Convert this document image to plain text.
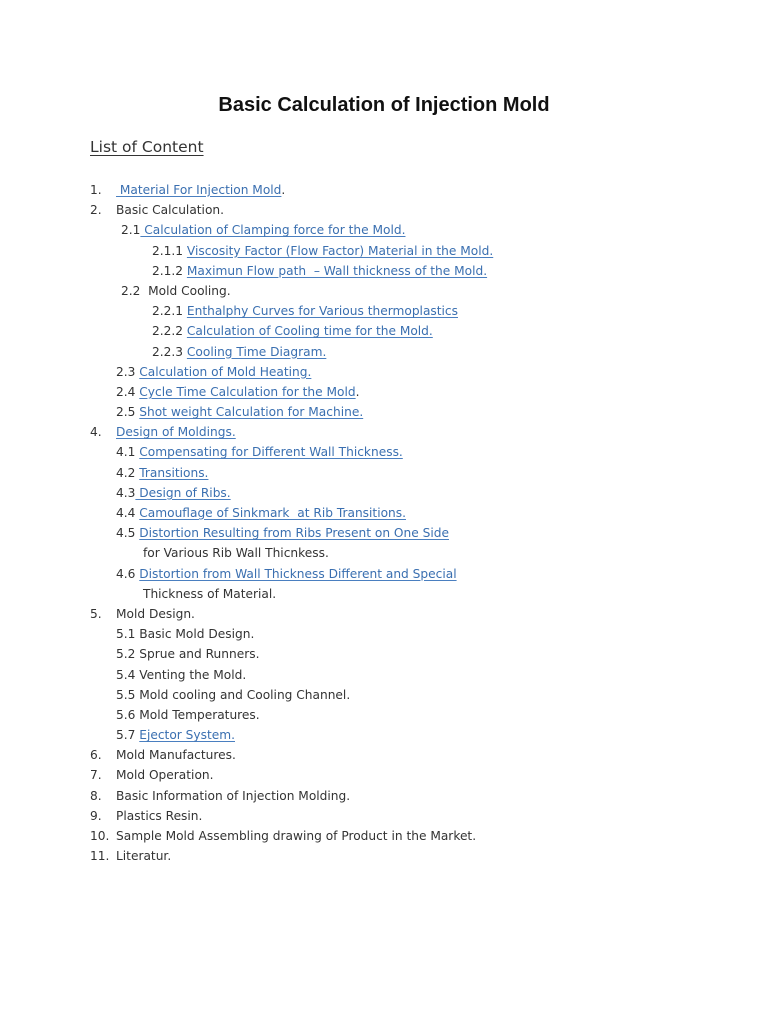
Basic Calculation of Injection Mold
List of Content
1. Material For Injection Mold.
2. Basic Calculation.
2.1 Calculation of Clamping force for the Mold.
2.1.1 Viscosity Factor (Flow Factor) Material in the Mold.
2.1.2 Maximun Flow path  – Wall thickness of the Mold.
2.2  Mold Cooling.
2.2.1 Enthalphy Curves for Various thermoplastics
2.2.2 Calculation of Cooling time for the Mold.
2.2.3 Cooling Time Diagram.
2.3 Calculation of Mold Heating.
2.4 Cycle Time Calculation for the Mold.
2.5 Shot weight Calculation for Machine.
4. Design of Moldings.
4.1 Compensating for Different Wall Thickness.
4.2 Transitions.
4.3 Design of Ribs.
4.4 Camouflage of Sinkmark  at Rib Transitions.
4.5 Distortion Resulting from Ribs Present on One Side
for Various Rib Wall Thicnkess.
4.6 Distortion from Wall Thickness Different and Special
Thickness of Material.
5. Mold Design.
5.1 Basic Mold Design.
5.2 Sprue and Runners.
5.4 Venting the Mold.
5.5 Mold cooling and Cooling Channel.
5.6 Mold Temperatures.
5.7 Ejector System.
6. Mold Manufactures.
7. Mold Operation.
8. Basic Information of Injection Molding.
9. Plastics Resin.
10. Sample Mold Assembling drawing of Product in the Market.
11. Literatur.
